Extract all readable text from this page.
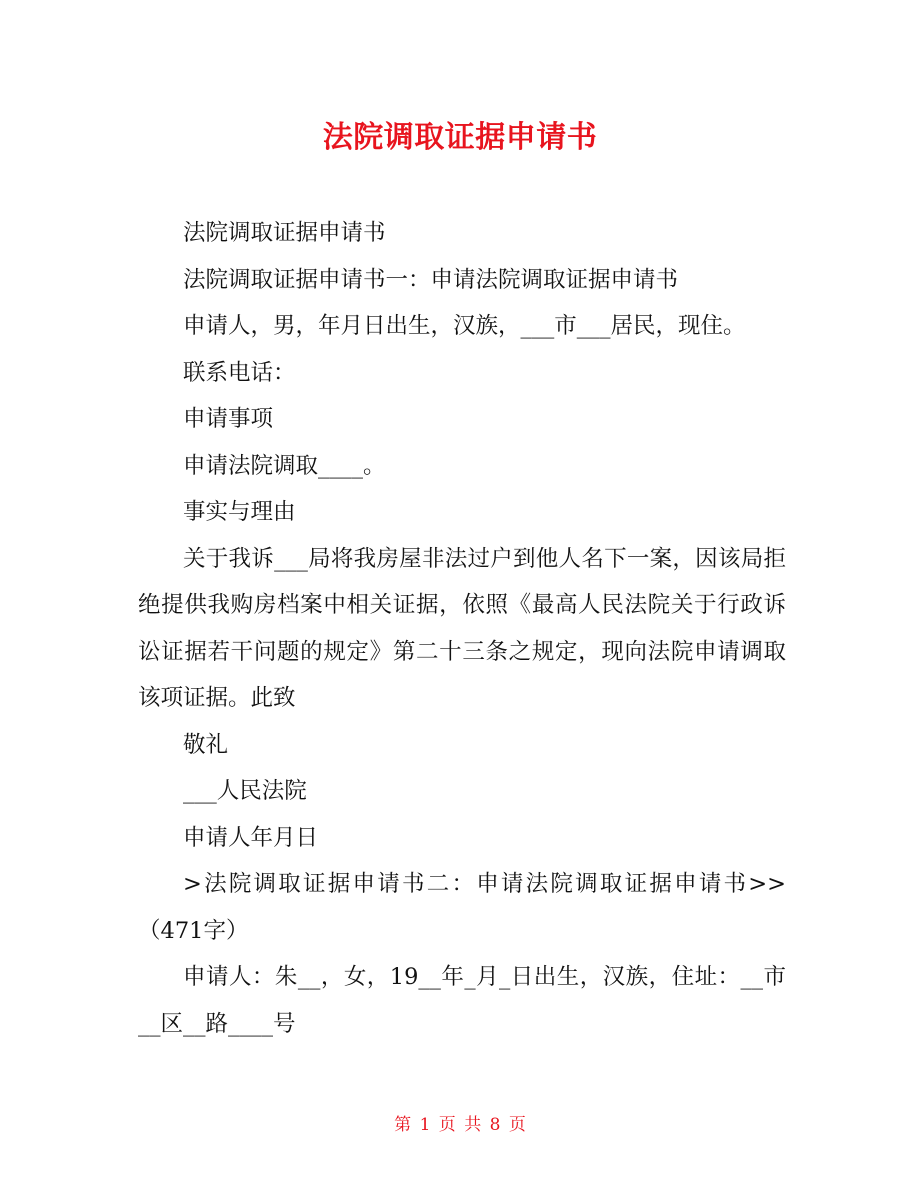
法院调取证据申请书

法院调取证据申请书

法院调取证据申请书一：申请法院调取证据申请书

申请人，男，年月日出生，汉族，___市___居民，现住。

联系电话：

申请事项

申请法院调取____。

事实与理由

关于我诉___局将我房屋非法过户到他人名下一案，因该局拒绝提供我购房档案中相关证据，依照《最高人民法院关于行政诉讼证据若干问题的规定》第二十三条之规定，现向法院申请调取该项证据。此致

敬礼

___人民法院

申请人年月日

>法院调取证据申请书二：申请法院调取证据申请书>>（471字）

申请人：朱__，女，19__年_月_日出生，汉族，住址：__市__区__路____号

第 1 页 共 8 页
